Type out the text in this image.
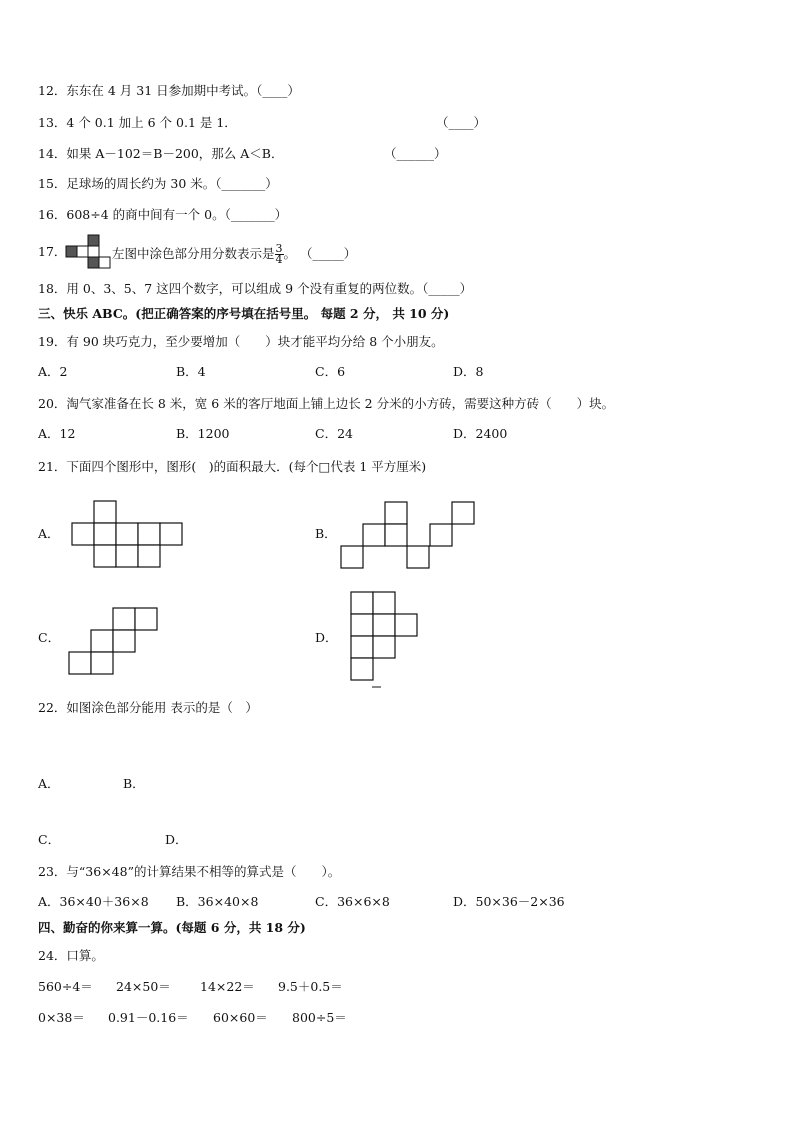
12．东东在 4 月 31 日参加期中考试。（____）
13．4 个 0.1 加上 6 个 0.1 是 1．	（____）
14．如果 A－102＝B－200，那么 A＜B．	（______）
15．足球场的周长约为 30 米。（_______）
16．608÷4 的商中间有一个 0。（_______）
17．	左图中涂色部分用分数表示是 $\frac{3}{4}$ 。 （_____）
18．用 0、3、5、7 这四个数字，可以组成 9 个没有重复的两位数。（_____）
三、快乐 ABC。(把正确答案的序号填在括号里。 每题 2 分， 共 10 分)
19．有 90 块巧克力，至少要增加（　　）块才能平均分给 8 个小朋友。
A．2	B．4	C．6	D．8
20．淘气家准备在长 8 米，宽 6 米的客厅地面上铺上边长 2 分米的小方砖，需要这种方砖（　　）块。
A．12	B．1200	C．24	D．2400
21．下面四个图形中，图形(　)的面积最大．(每个□代表 1 平方厘米)
A．	B．
C．	D．
22．如图涂色部分能用 表示的是（　）
A．	B．
C．	D．
23．与“36×48”的计算结果不相等的算式是（　　）。
A．36×40＋36×8 B．36×40×8	C．36×6×8	D．50×36－2×36
四、勤奋的你来算一算。(每题 6 分，共 18 分)
24．口算。
560÷4＝ 24×50＝ 14×22＝ 9.5＋0.5＝
0×38＝ 0.91－0.16＝ 60×60＝ 800÷5＝
